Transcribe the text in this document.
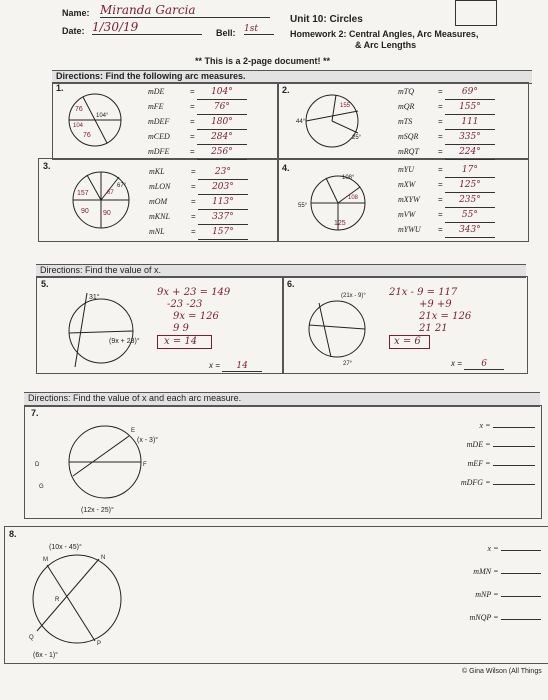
Name: Miranda Garcia
Date: 1/30/19	Bell: 1st
Unit 10: Circles
Homework 2: Central Angles, Arc Measures,
& Arc Lengths
** This is a 2-page document! **
Directions: Find the following arc measures.
1.
76
104°
104
76
mDE	= 104°
mFE	= 76°
mDEF	= 180°
mCED	= 284°
mDFE	= 256°
2.
44°
155
25°
mTQ	= 69°
mQR	= 155°
mTS	= 111
mSQR = 335°
mRQT = 224°
3.
157	67
90
67°
90
mKL	= 23°
mLON	= 203°
mOM	= 113°
mKNL	= 337°
mNL	= 157°
4.
108°
55°
125
108
mYU	= 17°
mXW	= 125°
mXYW = 235°
mVW	= 55°
mYWU = 343°
Directions: Find the value of x.
5.
31°
(9x + 23)°
9x + 23 = 149
-23 -23
9x = 126
9 9
x = 14
x = 14
6.
(21x - 9)°
27°
21x - 9 = 117
+9 +9
21x = 126
21 21
x = 6
x = 6
Directions: Find the value of x and each arc measure.
7.
D
E
F
G
(x - 3)°
(12x - 25)°
x =
mDE =
mEF =
mDFG =
8.
M	N
R
Q
P
(10x - 45)°
(6x - 1)°
x =
mMN =
mNP =
mNQP =
© Gina Wilson (All Things
